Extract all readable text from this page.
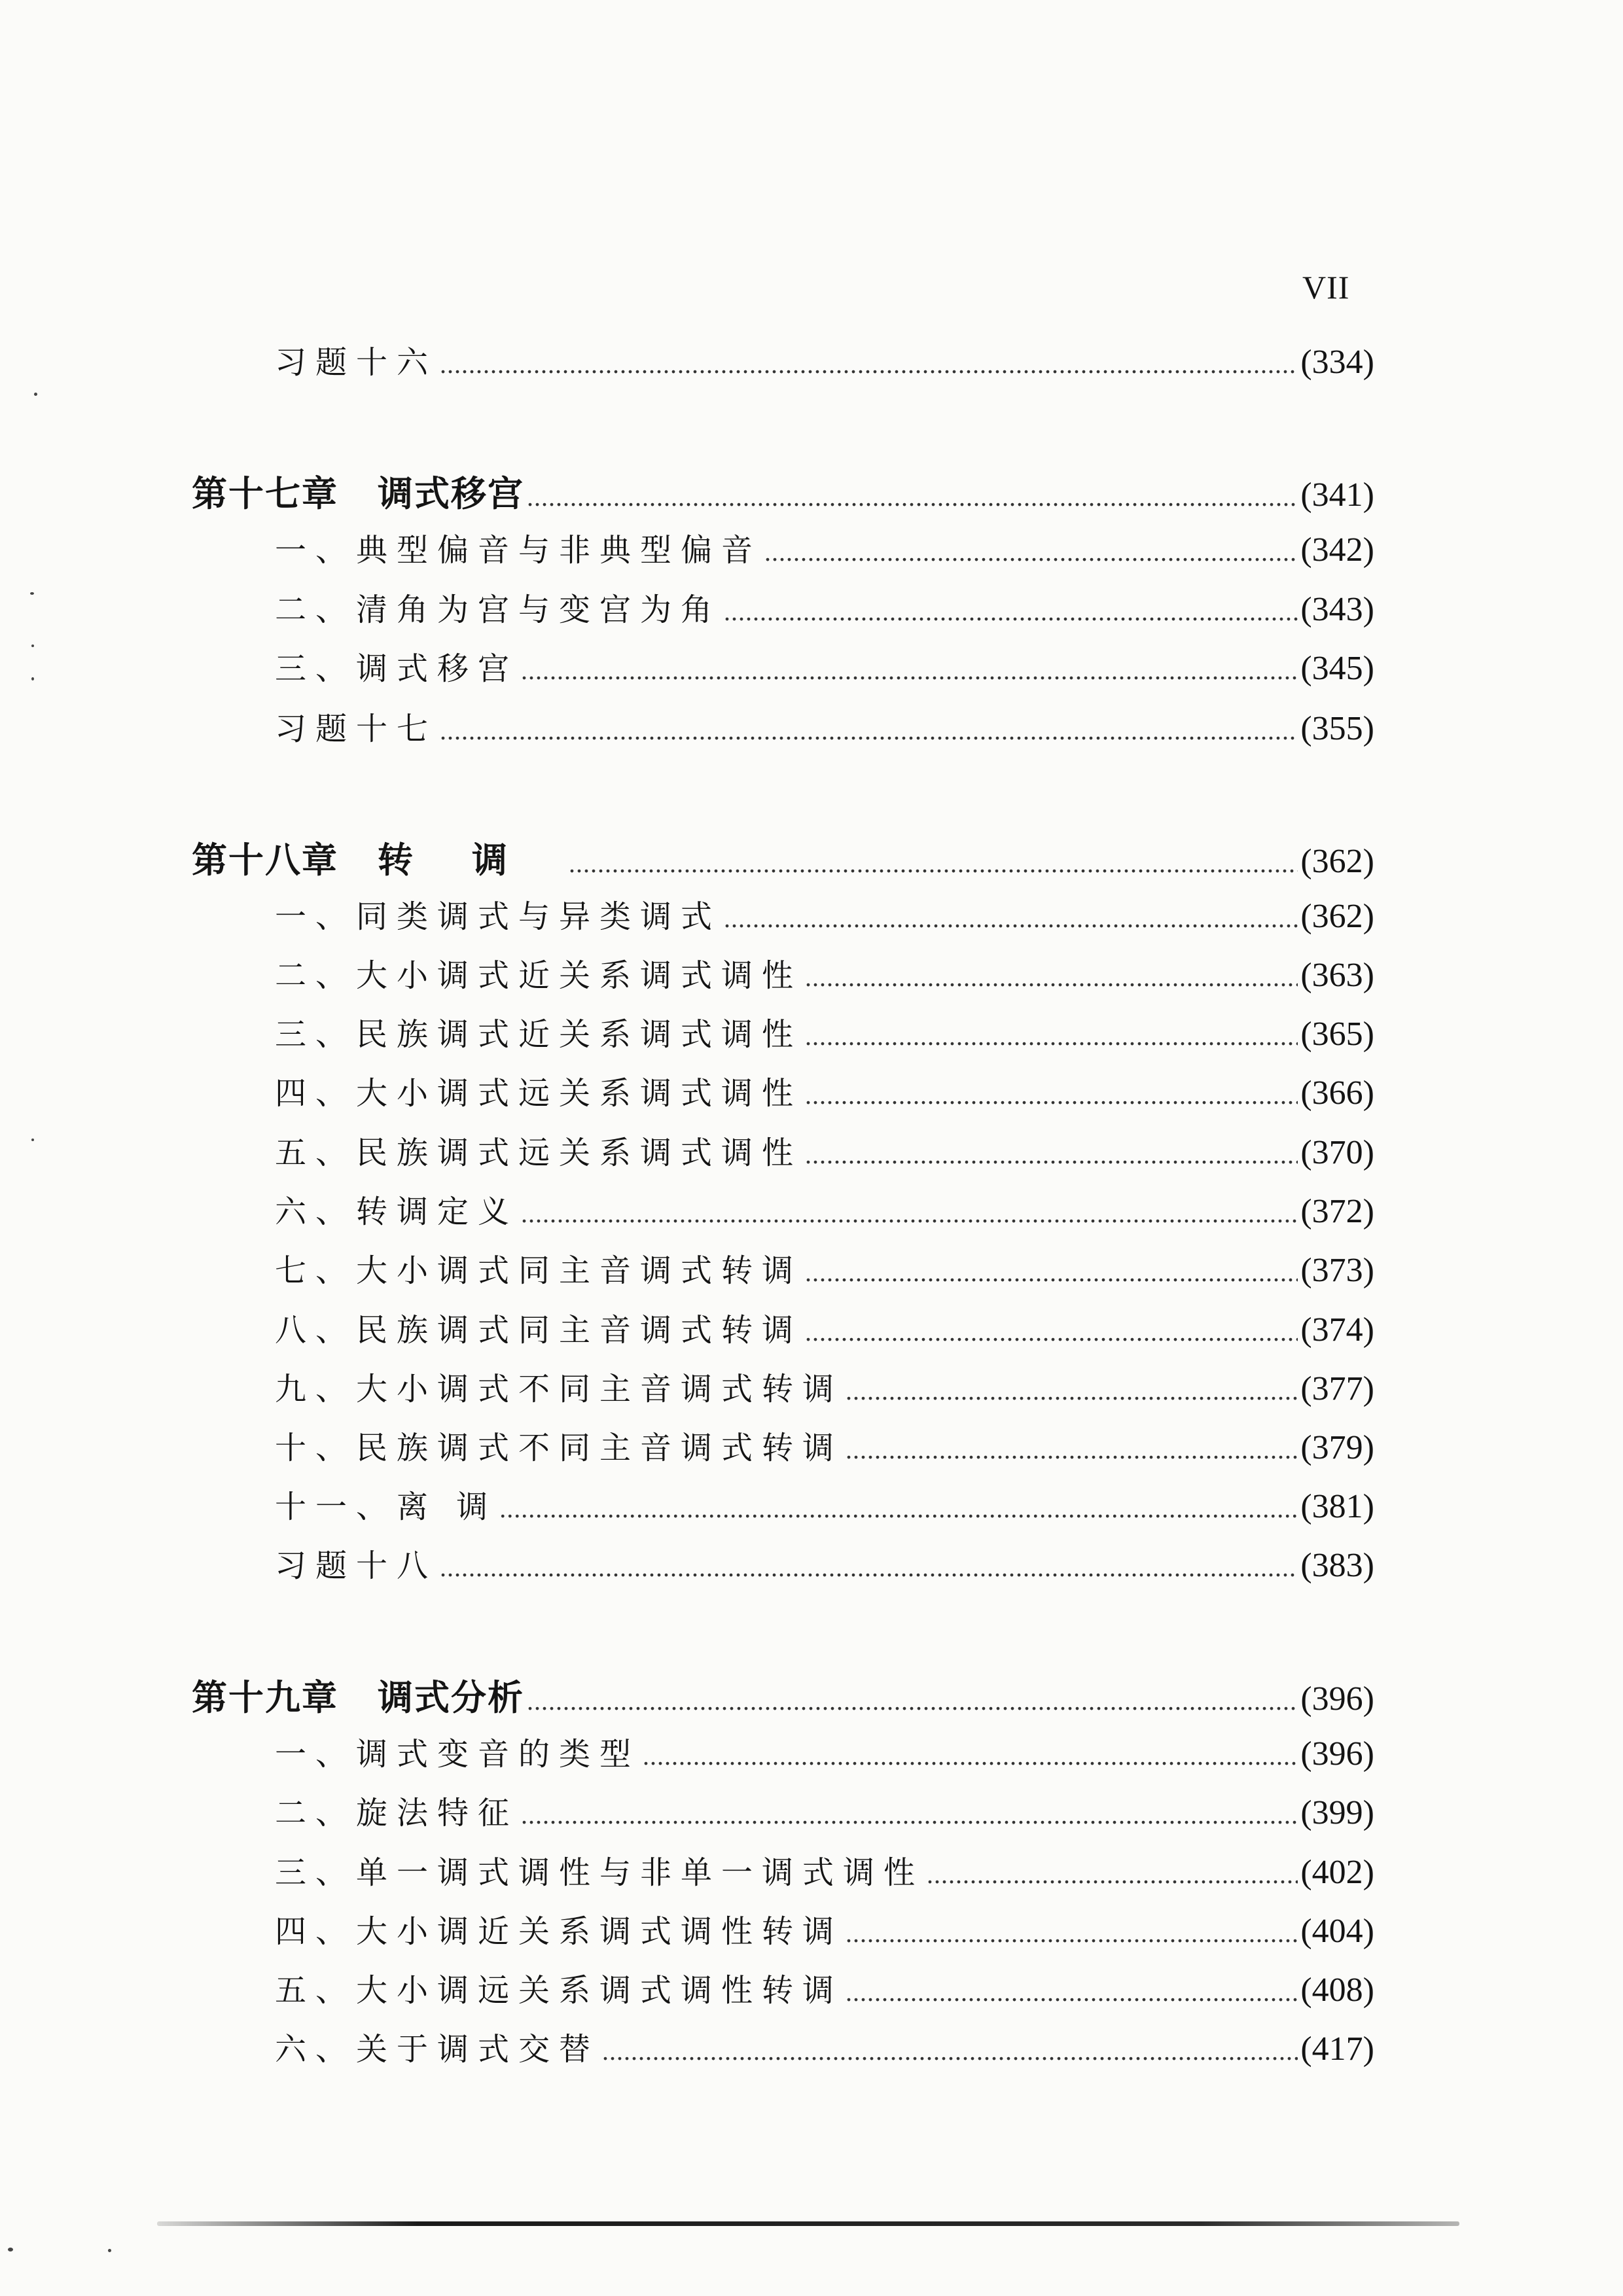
VII
习题十六 .....	(334)
第十七章 调式移宫 .....	(341)
一、典型偏音与非典型偏音 .....	(342)
二、清角为宫与变宫为角 .....	(343)
三、调式移宫 .....	(345)
习题十七 .....	(355)
第十八章 转调 .....	(362)
一、同类调式与异类调式 .....	(362)
二、大小调式近关系调式调性 .....	(363)
三、民族调式近关系调式调性 .....	(365)
四、大小调式远关系调式调性 .....	(366)
五、民族调式远关系调式调性 .....	(370)
六、转调定义 .....	(372)
七、大小调式同主音调式转调 .....	(373)
八、民族调式同主音调式转调 .....	(374)
九、大小调式不同主音调式转调 .....	(377)
十、民族调式不同主音调式转调 .....	(379)
十一、离 调 .....	(381)
习题十八 .....	(383)
第十九章 调式分析 .....	(396)
一、调式变音的类型 .....	(396)
二、旋法特征 .....	(399)
三、单一调式调性与非单一调式调性 .....	(402)
四、大小调近关系调式调性转调 .....	(404)
五、大小调远关系调式调性转调 .....	(408)
六、关于调式交替 .....	(417)
